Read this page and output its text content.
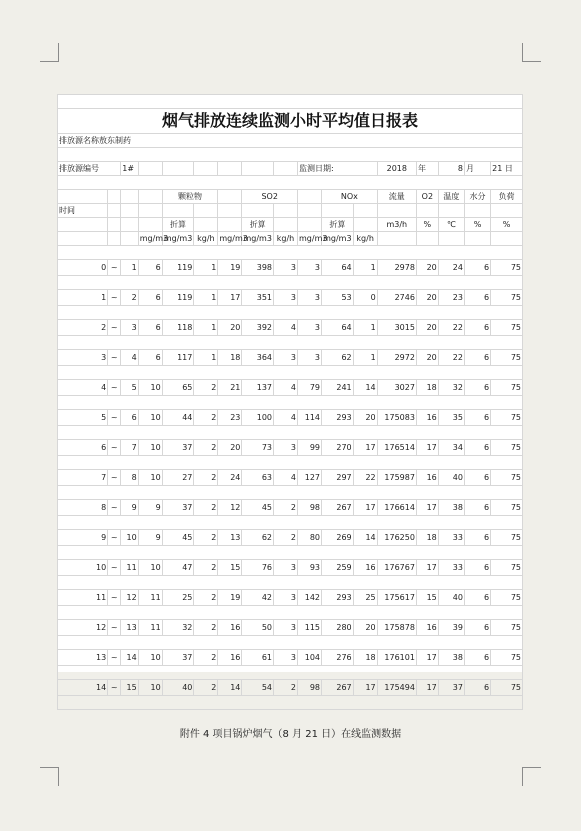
烟气排放连续监测小时平均值日报表																
排放源名称敖东制药																

排放源编号		1#							监测日期:			2018	年	8	月	21 日

				颗粒物			SO2			NOx		流量	O2	温度	水分	负荷
时间																
				折算			折算			折算		m3/h	%	℃	%	%
			mg/m3	mg/m3	kg/h	mg/m3	mg/m3	kg/h	mg/m3	mg/m3	kg/h					

0	~	1	6	119	1	19	398	3	3	64	1	2978	20	24	6	75

1	~	2	6	119	1	17	351	3	3	53	0	2746	20	23	6	75

2	~	3	6	118	1	20	392	4	3	64	1	3015	20	22	6	75

3	~	4	6	117	1	18	364	3	3	62	1	2972	20	22	6	75

4	~	5	10	65	2	21	137	4	79	241	14	3027	18	32	6	75

5	~	6	10	44	2	23	100	4	114	293	20	175083	16	35	6	75

6	~	7	10	37	2	20	73	3	99	270	17	176514	17	34	6	75

7	~	8	10	27	2	24	63	4	127	297	22	175987	16	40	6	75

8	~	9	9	37	2	12	45	2	98	267	17	176614	17	38	6	75

9	~	10	9	45	2	13	62	2	80	269	14	176250	18	33	6	75

10	~	11	10	47	2	15	76	3	93	259	16	176767	17	33	6	75

11	~	12	11	25	2	19	42	3	142	293	25	175617	15	40	6	75

12	~	13	11	32	2	16	50	3	115	280	20	175878	16	39	6	75

13	~	14	10	37	2	16	61	3	104	276	18	176101	17	38	6	75

14	~	15	10	40	2	14	54	2	98	267	17	175494	17	37	6	75

附件 4 项目锅炉烟气（8 月 21 日）在线监测数据
